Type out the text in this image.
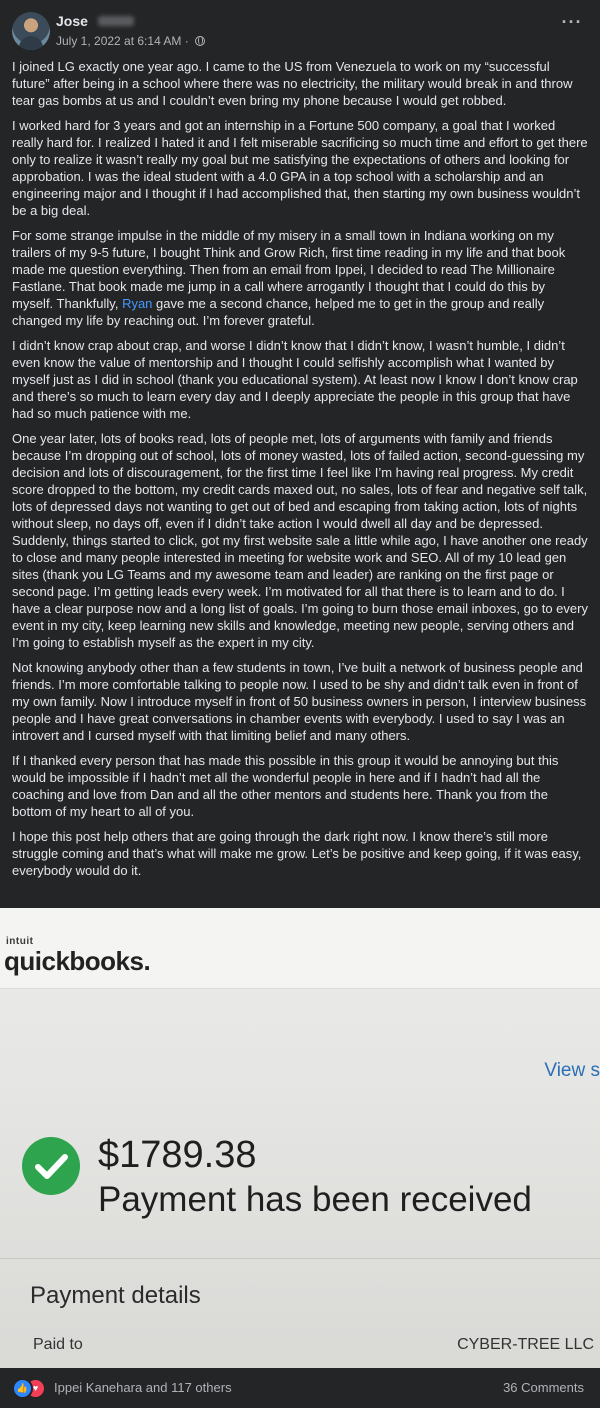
Jose
July 1, 2022 at 6:14 AM ·
···

I joined LG exactly one year ago. I came to the US from Venezuela to work on my “successful future” after being in a school where there was no electricity, the military would break in and throw tear gas bombs at us and I couldn’t even bring my phone because I would get robbed.

I worked hard for 3 years and got an internship in a Fortune 500 company, a goal that I worked really hard for. I realized I hated it and I felt miserable sacrificing so much time and effort to get there only to realize it wasn’t really my goal but me satisfying the expectations of others and looking for approbation. I was the ideal student with a 4.0 GPA in a top school with a scholarship and an engineering major and I thought if I had accomplished that, then starting my own business wouldn’t be a big deal.

For some strange impulse in the middle of my misery in a small town in Indiana working on my trailers of my 9-5 future, I bought Think and Grow Rich, first time reading in my life and that book made me question everything. Then from an email from Ippei, I decided to read The Millionaire Fastlane. That book made me jump in a call where arrogantly I thought that I could do this by myself. Thankfully, Ryan gave me a second chance, helped me to get in the group and really changed my life by reaching out. I’m forever grateful.

I didn’t know crap about crap, and worse I didn’t know that I didn’t know, I wasn’t humble, I didn’t even know the value of mentorship and I thought I could selfishly accomplish what I wanted by myself just as I did in school (thank you educational system). At least now I know I don’t know crap and there’s so much to learn every day and I deeply appreciate the people in this group that have had so much patience with me.

One year later, lots of books read, lots of people met, lots of arguments with family and friends because I’m dropping out of school, lots of money wasted, lots of failed action, second-guessing my decision and lots of discouragement, for the first time I feel like I’m having real progress. My credit score dropped to the bottom, my credit cards maxed out, no sales, lots of fear and negative self talk, lots of depressed days not wanting to get out of bed and escaping from taking action, lots of nights without sleep, no days off, even if I didn’t take action I would dwell all day and be depressed. Suddenly, things started to click, got my first website sale a little while ago, I have another one ready to close and many people interested in meeting for website work and SEO. All of my 10 lead gen sites (thank you LG Teams and my awesome team and leader) are ranking on the first page or second page. I’m getting leads every week. I’m motivated for all that there is to learn and to do. I have a clear purpose now and a long list of goals. I’m going to burn those email inboxes, go to every event in my city, keep learning new skills and knowledge, meeting new people, serving others and I’m going to establish myself as the expert in my city.

Not knowing anybody other than a few students in town, I’ve built a network of business people and friends. I’m more comfortable talking to people now. I used to be shy and didn’t talk even in front of my own family. Now I introduce myself in front of 50 business owners in person, I interview business people and I have great conversations in chamber events with everybody. I used to say I was an introvert and I cursed myself with that limiting belief and many others.

If I thanked every person that has made this possible in this group it would be annoying but this would be impossible if I hadn’t met all the wonderful people in here and if I hadn’t had all the coaching and love from Dan and all the other mentors and students here. Thank you from the bottom of my heart to all of you.

I hope this post help others that are going through the dark right now. I know there’s still more struggle coming and that’s what will make me grow. Let’s be positive and keep going, if it was easy, everybody would do it.

intuit
quickbooks.
View s
$1789.38
Payment has been received
Payment details
Paid to	CYBER-TREE LLC
👍 ♥	Ippei Kanehara and 117 others	36 Comments
